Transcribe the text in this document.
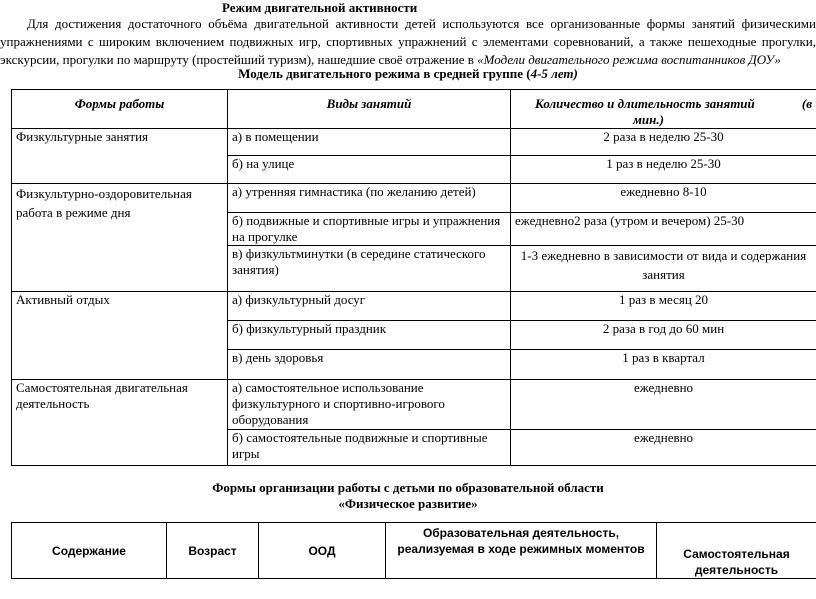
Режим двигательной активности
Для достижения достаточного объёма двигательной активности детей используются все организованные формы занятий физическими
упражнениями с широким включением подвижных игр, спортивных упражнений с элементами соревнований, а также пешеходные прогулки,
экскурсии, прогулки по маршруту (простейший туризм), нашедшие своё отражение в «Модели двигательного режима воспитанников ДОУ»
Модель двигательного режима в средней группе (4-5 лет)
Формы работы	Виды занятий	Количество и длительность занятий (в

мин.)
Физкультурные занятия	а) в помещении	2 раза в неделю 25-30
	б) на улице	1 раз в неделю 25-30
Физкультурно-оздоровительная работа в режиме дня	а) утренняя гимнастика (по желанию детей)	ежедневно 8-10
	б) подвижные и спортивные игры и упражнения на прогулке	ежедневно2 раза (утром и вечером) 25-30
	в) физкультминутки (в середине статического занятия)	1-3 ежедневно в зависимости от вида и содержания занятия
Активный отдых	а) физкультурный досуг	1 раз в месяц 20
	б) физкультурный праздник	2 раза в год до 60 мин
	в) день здоровья	1 раз в квартал
Самостоятельная двигательная деятельность	а) самостоятельное использование физкультурного и спортивно-игрового оборудования	ежедневно
	б) самостоятельные подвижные и спортивные игры	ежедневно
Формы организации работы с детьми по образовательной области
«Физическое развитие»
Содержание	Возраст	ООД	Образовательная деятельность, реализуемая в ходе режимных моментов	Самостоятельная деятельность
